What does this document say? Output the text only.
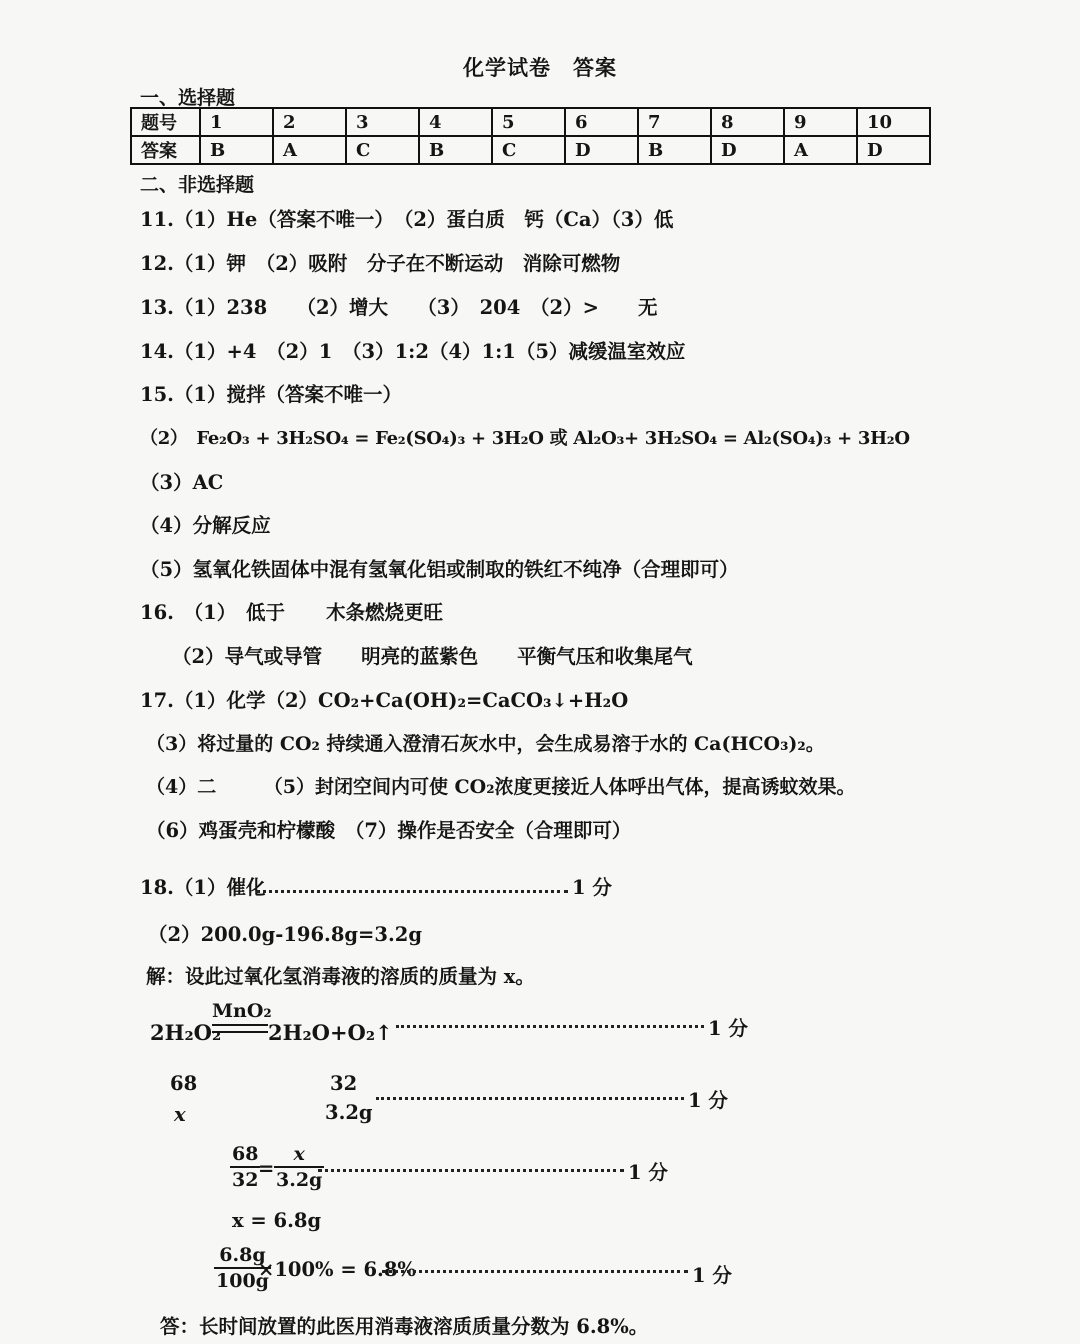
化学试卷　答案
一、选择题
题号	1	2	3	4	5	6	7	8	9	10
答案	B	A	C	B	C	D	B	D	A	D
二、非选择题
11.（1）He（答案不唯一）　（2）蛋白质　钙（Ca）（3）低
12.（1）钾　（2）吸附　分子在不断运动　消除可燃物
13.（1）238　　（2）增大　　（3）　204　（2）>　　无
14.（1）+4　（2）1　（3）1:2（4）1:1（5）减缓温室效应
15.（1）搅拌（答案不唯一）
（2）　Fe₂O₃ + 3H₂SO₄ = Fe₂(SO₄)₃ + 3H₂O 或 Al₂O₃+ 3H₂SO₄ = Al₂(SO₄)₃ + 3H₂O
（3）AC
（4）分解反应
（5）氢氧化铁固体中混有氢氧化铝或制取的铁红不纯净（合理即可）
16.　（1）　低于 木条燃烧更旺
（2）导气或导管　　明亮的蓝紫色　　平衡气压和收集尾气
17.（1）化学（2）CO₂+Ca(OH)₂=CaCO₃↓+H₂O
（3）将过量的 CO₂ 持续通入澄清石灰水中，会生成易溶于水的 Ca(HCO₃)₂。
（4）二　　　（5）封闭空间内可使 CO₂浓度更接近人体呼出气体，提高诱蚊效果。
（6）鸡蛋壳和柠檬酸　（7）操作是否安全（合理即可）
18.（1）催化	1 分
（2）200.0g-196.8g=3.2g
解：设此过氧化氢消毒液的溶质的质量为 x。
MnO₂
2H₂O₂ 2H₂O+O₂↑	1 分
68	32
x	3.2g
1 分
68
32 =
x
3.2g	1 分
x = 6.8g
6.8g
100g
×100% = 6.8%	1 分
答：长时间放置的此医用消毒液溶质质量分数为 6.8%。
